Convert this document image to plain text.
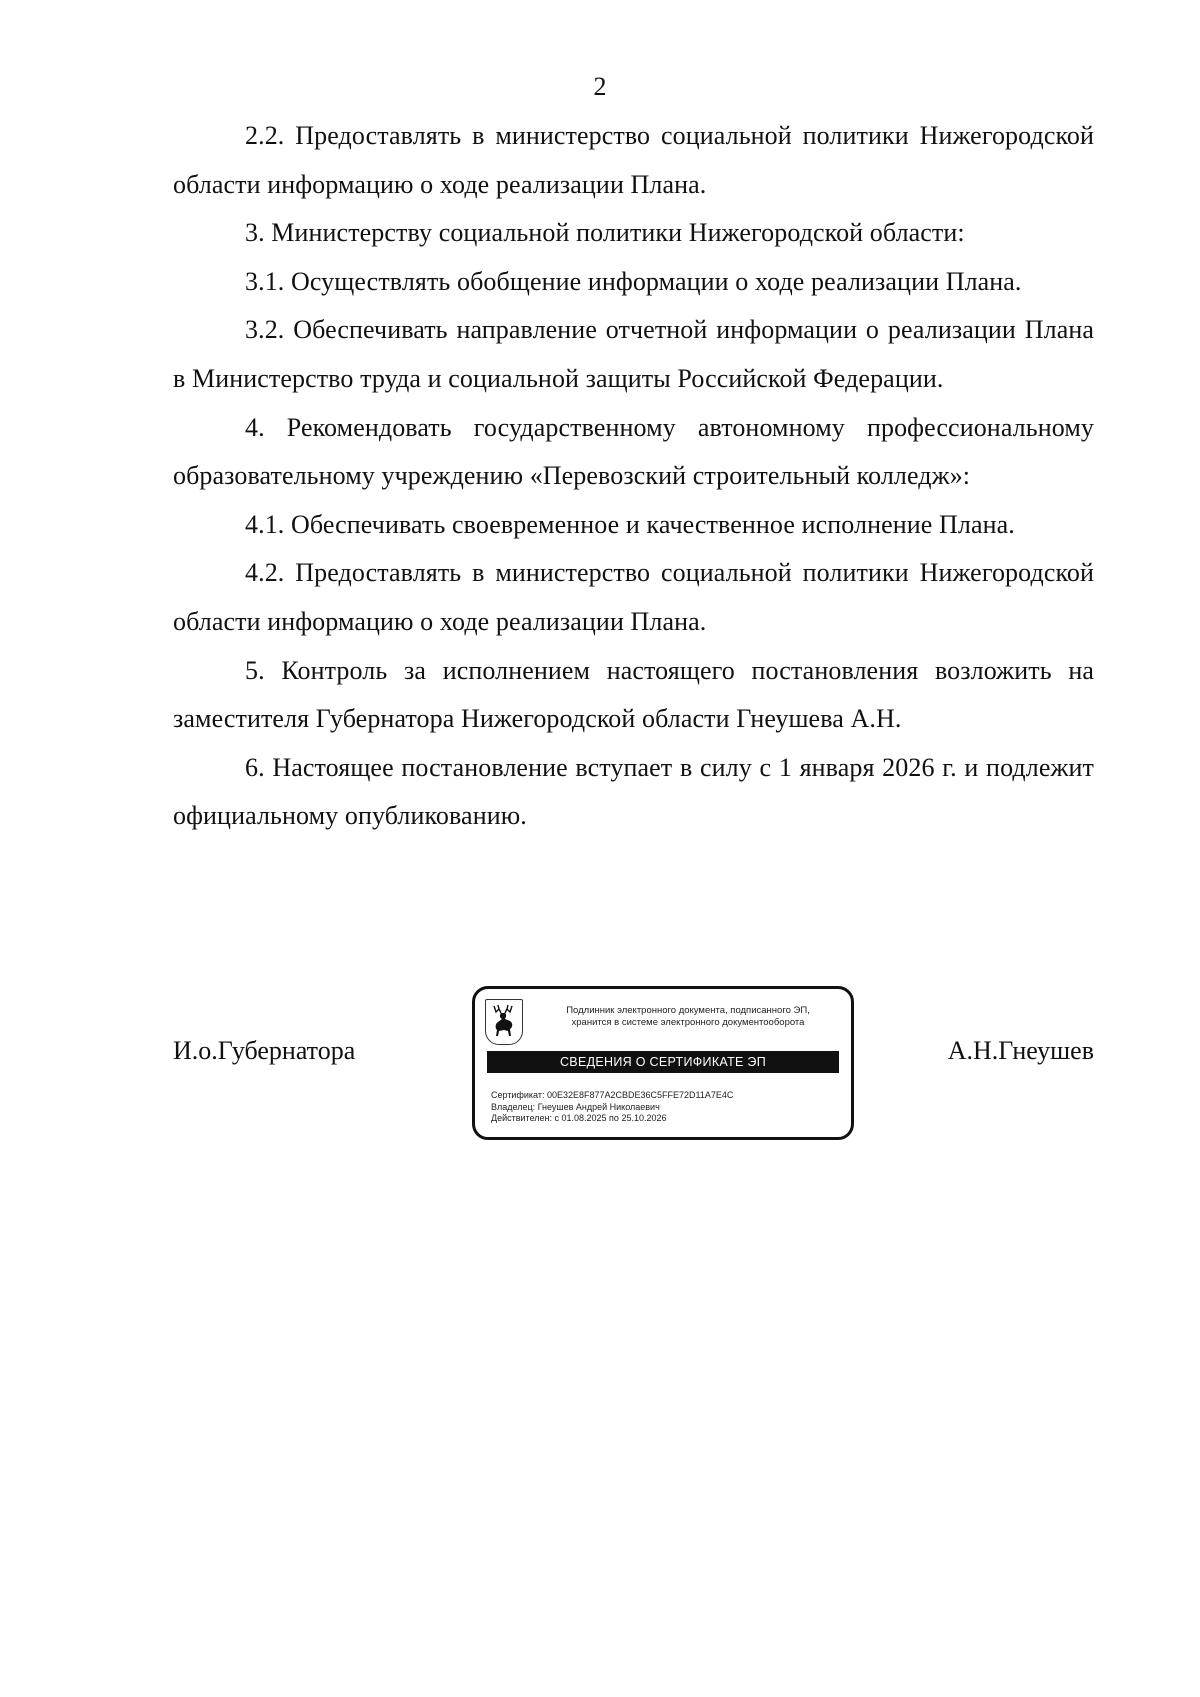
2

2.2. Предоставлять в министерство социальной политики Нижегородской области информацию о ходе реализации Плана.

3. Министерству социальной политики Нижегородской области:

3.1. Осуществлять обобщение информации о ходе реализации Плана.

3.2. Обеспечивать направление отчетной информации о реализации Плана в Министерство труда и социальной защиты Российской Федерации.

4. Рекомендовать государственному автономному профессиональному образовательному учреждению «Перевозский строительный колледж»:

4.1. Обеспечивать своевременное и качественное исполнение Плана.

4.2. Предоставлять в министерство социальной политики Нижегородской области информацию о ходе реализации Плана.

5. Контроль за исполнением настоящего постановления возложить на заместителя Губернатора Нижегородской области Гнеушева А.Н.

6. Настоящее постановление вступает в силу с 1 января 2026 г. и подлежит официальному опубликованию.

И.о.Губернатора	А.Н.Гнеушев
Подлинник электронного документа, подписанного ЭП,
хранится в системе электронного документооборота
СВЕДЕНИЯ О СЕРТИФИКАТЕ ЭП
Сертификат: 00E32E8F877A2CBDE36C5FFE72D11A7E4C
Владелец: Гнеушев Андрей Николаевич
Действителен: с 01.08.2025 по 25.10.2026
